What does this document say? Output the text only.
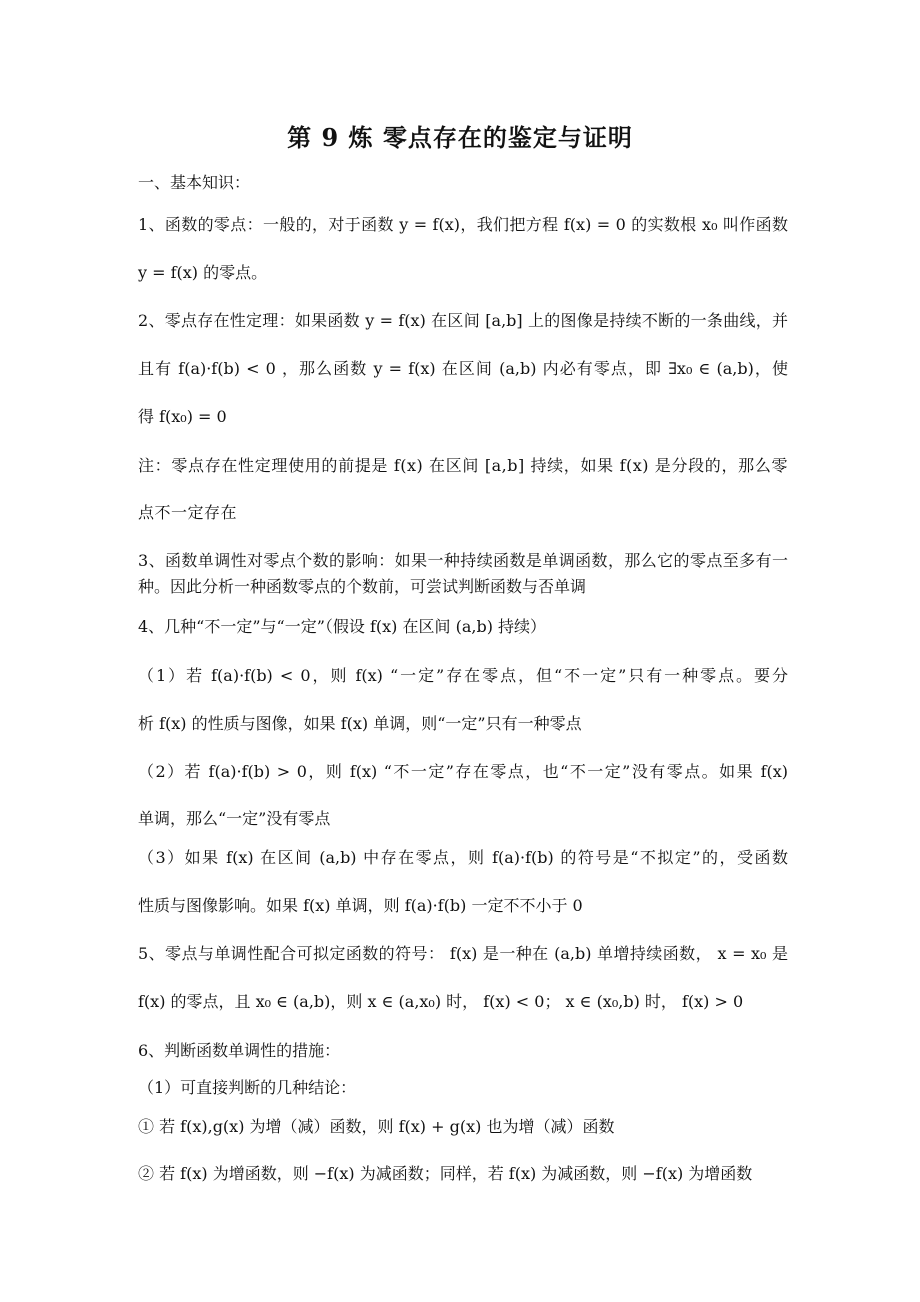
第 9 炼 零点存在的鉴定与证明
一、基本知识：
1、函数的零点：一般的，对于函数 y = f(x)，我们把方程 f(x) = 0 的实数根 x₀ 叫作函数
y = f(x) 的零点。
2、零点存在性定理：如果函数 y = f(x) 在区间 [a,b] 上的图像是持续不断的一条曲线，并
且有 f(a)·f(b) < 0 ，那么函数 y = f(x) 在区间 (a,b) 内必有零点，即 ∃x₀ ∈ (a,b)，使
得 f(x₀) = 0
注：零点存在性定理使用的前提是 f(x) 在区间 [a,b] 持续，如果 f(x) 是分段的，那么零
点不一定存在
3、函数单调性对零点个数的影响：如果一种持续函数是单调函数，那么它的零点至多有一
种。因此分析一种函数零点的个数前，可尝试判断函数与否单调
4、几种“不一定”与“一定”（假设 f(x) 在区间 (a,b) 持续）
（1）若 f(a)·f(b) < 0，则 f(x) “一定”存在零点，但“不一定”只有一种零点。要分
析 f(x) 的性质与图像，如果 f(x) 单调，则“一定”只有一种零点
（2）若 f(a)·f(b) > 0，则 f(x) “不一定”存在零点，也“不一定”没有零点。如果 f(x)
单调，那么“一定”没有零点
（3）如果 f(x) 在区间 (a,b) 中存在零点，则 f(a)·f(b) 的符号是“不拟定”的，受函数
性质与图像影响。如果 f(x) 单调，则 f(a)·f(b) 一定不不小于 0
5、零点与单调性配合可拟定函数的符号： f(x) 是一种在 (a,b) 单增持续函数， x = x₀ 是
f(x) 的零点，且 x₀ ∈ (a,b)，则 x ∈ (a,x₀) 时， f(x) < 0； x ∈ (x₀,b) 时， f(x) > 0
6、判断函数单调性的措施：
（1）可直接判断的几种结论：
① 若 f(x),g(x) 为增（减）函数，则 f(x) + g(x) 也为增（减）函数
② 若 f(x) 为增函数，则 −f(x) 为减函数；同样，若 f(x) 为减函数，则 −f(x) 为增函数
